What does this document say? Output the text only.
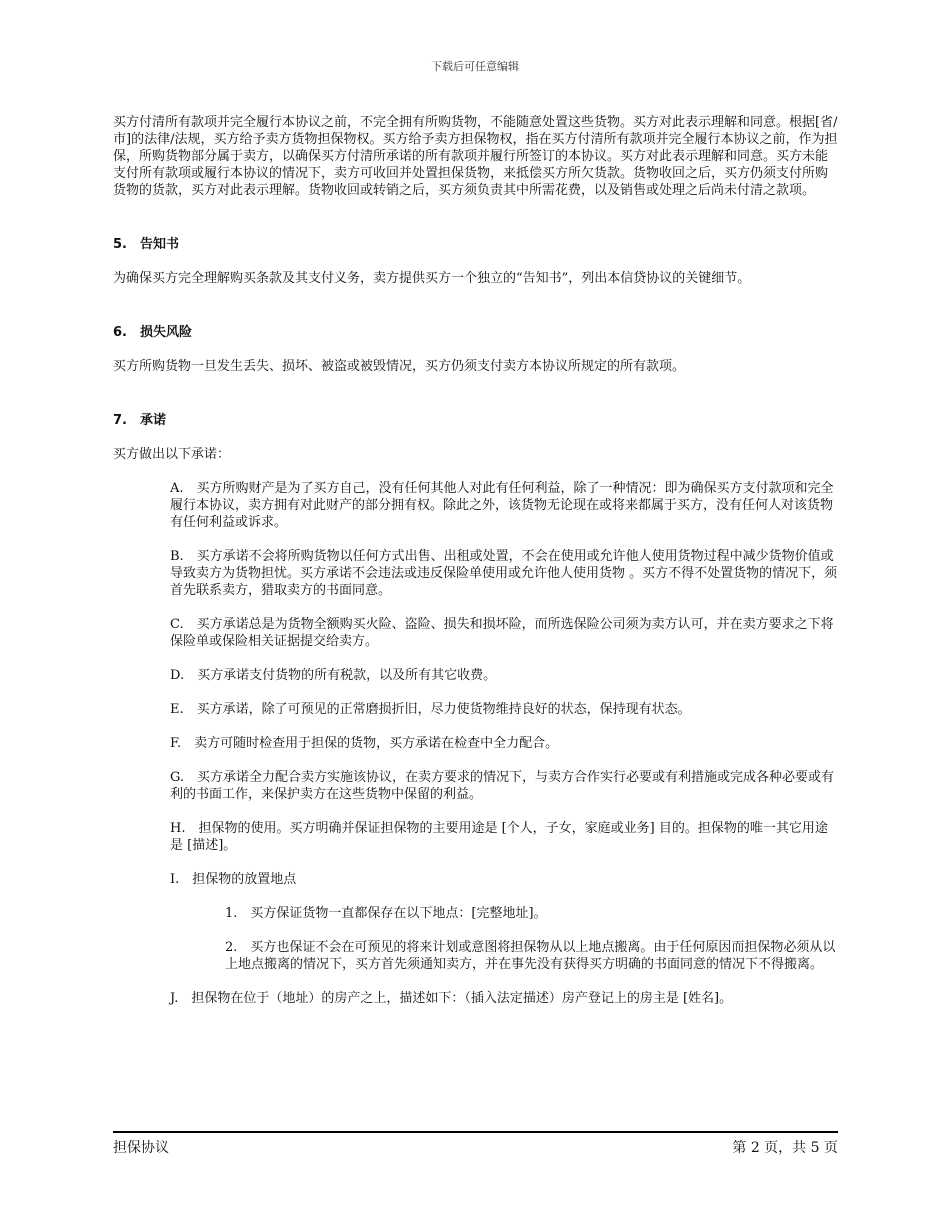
下载后可任意编辑

买方付清所有款项并完全履行本协议之前，不完全拥有所购货物，不能随意处置这些货物。买方对此表示理解和同意。根据[省/市]的法律/法规，买方给予卖方货物担保物权。买方给予卖方担保物权，指在买方付清所有款项并完全履行本协议之前，作为担保，所购货物部分属于卖方，以确保买方付清所承诺的所有款项并履行所签订的本协议。买方对此表示理解和同意。买方未能支付所有款项或履行本协议的情况下，卖方可收回并处置担保货物，来抵偿买方所欠货款。货物收回之后，买方仍须支付所购货物的货款，买方对此表示理解。货物收回或转销之后，买方须负责其中所需花费，以及销售或处理之后尚未付清之款项。

5.　告知书

为确保买方完全理解购买条款及其支付义务，卖方提供买方一个独立的“告知书”，列出本信贷协议的关键细节。

6.　损失风险

买方所购货物一旦发生丢失、损坏、被盗或被毁情况，买方仍须支付卖方本协议所规定的所有款项。

7.　承诺

买方做出以下承诺：

A.　买方所购财产是为了买方自己，没有任何其他人对此有任何利益，除了一种情况：即为确保买方支付款项和完全履行本协议，卖方拥有对此财产的部分拥有权。除此之外，该货物无论现在或将来都属于买方，没有任何人对该货物有任何利益或诉求。

B.　买方承诺不会将所购货物以任何方式出售、出租或处置，不会在使用或允许他人使用货物过程中减少货物价值或导致卖方为货物担忧。买方承诺不会违法或违反保险单使用或允许他人使用货物 。买方不得不处置货物的情况下，须首先联系卖方，猎取卖方的书面同意。

C.　买方承诺总是为货物全额购买火险、盗险、损失和损坏险，而所选保险公司须为卖方认可，并在卖方要求之下将保险单或保险相关证据提交给卖方。

D.　买方承诺支付货物的所有税款，以及所有其它收费。

E.　买方承诺，除了可预见的正常磨损折旧，尽力使货物维持良好的状态，保持现有状态。

F.　卖方可随时检查用于担保的货物，买方承诺在检查中全力配合。

G.　买方承诺全力配合卖方实施该协议，在卖方要求的情况下，与卖方合作实行必要或有利措施或完成各种必要或有利的书面工作，来保护卖方在这些货物中保留的利益。

H.　担保物的使用。买方明确并保证担保物的主要用途是 [个人，子女，家庭或业务] 目的。担保物的唯一其它用途是 [描述]。

I.　担保物的放置地点

1.　买方保证货物一直都保存在以下地点：[完整地址]。

2.　买方也保证不会在可预见的将来计划或意图将担保物从以上地点搬离。由于任何原因而担保物必须从以上地点搬离的情况下，买方首先须通知卖方，并在事先没有获得买方明确的书面同意的情况下不得搬离。

J.　担保物在位于（地址）的房产之上，描述如下：（插入法定描述）房产登记上的房主是 [姓名]。

担保协议	第 2 页，共 5 页
